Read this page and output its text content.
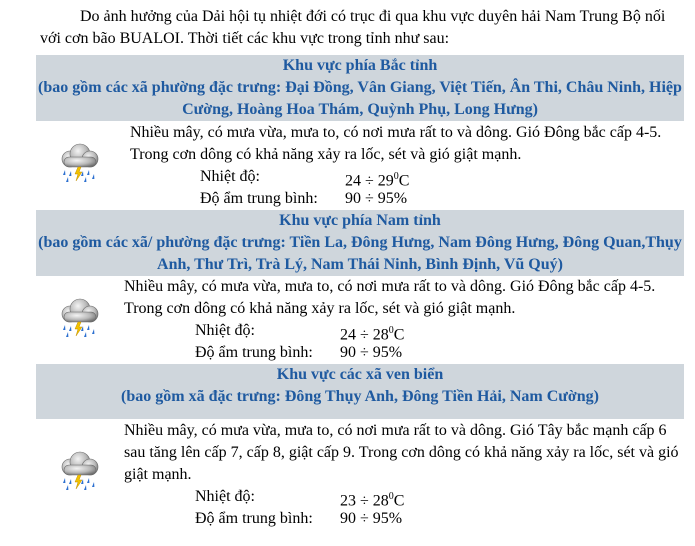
Do ảnh hưởng của Dải hội tụ nhiệt đới có trục đi qua khu vực duyên hải Nam Trung Bộ nối với cơn bão BUALOI. Thời tiết các khu vực trong tỉnh như sau:
Khu vực phía Bắc tỉnh
(bao gồm các xã phường đặc trưng: Đại Đồng, Vân Giang, Việt Tiến, Ân Thi, Châu Ninh, Hiệp Cường, Hoàng Hoa Thám, Quỳnh Phụ, Long Hưng)
Nhiều mây, có mưa vừa, mưa to, có nơi mưa rất to và dông. Gió Đông bắc cấp 4-5. Trong cơn dông có khả năng xảy ra lốc, sét và gió giật mạnh.
Nhiệt độ:	$24 \div 29^0C$
Độ ẩm trung bình: 90 ÷ 95%
Khu vực phía Nam tỉnh
(bao gồm các xã/ phường đặc trưng: Tiền La, Đông Hưng, Nam Đông Hưng, Đông Quan,Thụy Anh, Thư Trì, Trà Lý, Nam Thái Ninh, Bình Định, Vũ Quý)
Nhiều mây, có mưa vừa, mưa to, có nơi mưa rất to và dông. Gió Đông bắc cấp 4-5. Trong cơn dông có khả năng xảy ra lốc, sét và gió giật mạnh.
Nhiệt độ:	$24 \div 28^0C$
Độ ẩm trung bình: 90 ÷ 95%
Khu vực các xã ven biển
(bao gồm xã đặc trưng: Đông Thụy Anh, Đông Tiền Hải, Nam Cường)
Nhiều mây, có mưa vừa, mưa to, có nơi mưa rất to và dông. Gió Tây bắc mạnh cấp 6 sau tăng lên cấp 7, cấp 8, giật cấp 9. Trong cơn dông có khả năng xảy ra lốc, sét và gió giật mạnh.
Nhiệt độ:	$23 \div 28^0C$
Độ ẩm trung bình: 90 ÷ 95%
